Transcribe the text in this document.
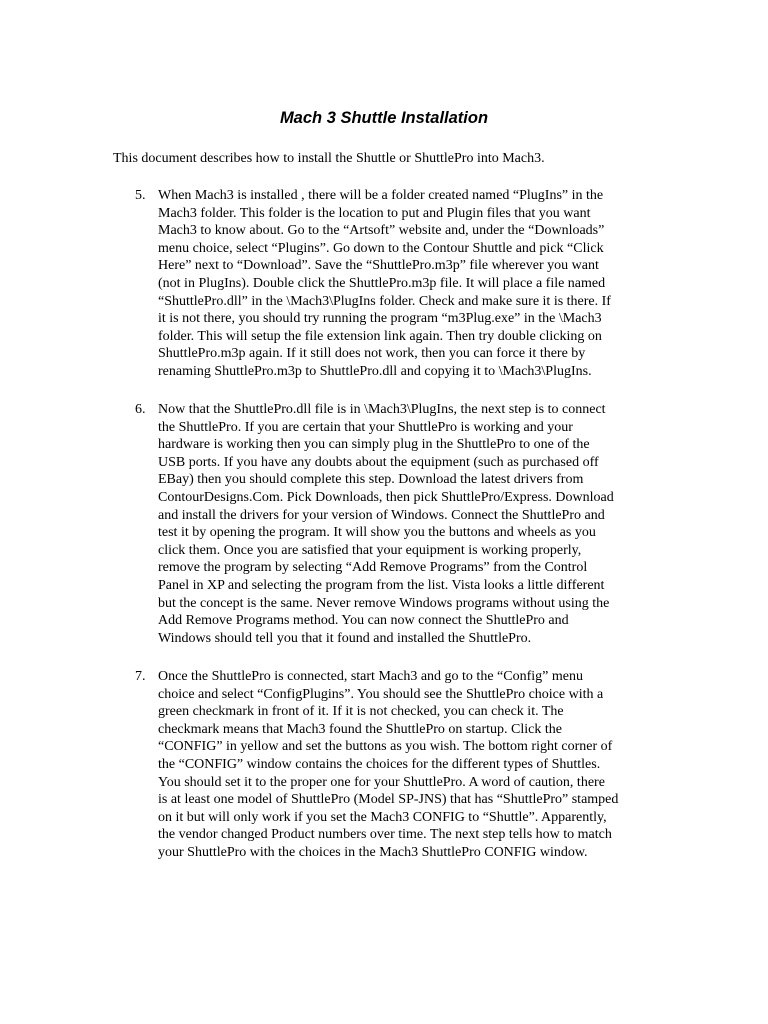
Mach 3 Shuttle Installation

This document describes how to install the Shuttle or ShuttlePro into Mach3.

5. When Mach3 is installed , there will be a folder created named “PlugIns” in the
Mach3 folder. This folder is the location to put and Plugin files that you want
Mach3 to know about. Go to the “Artsoft” website and, under the “Downloads”
menu choice, select “Plugins”. Go down to the Contour Shuttle and pick “Click
Here” next to “Download”. Save the “ShuttlePro.m3p” file wherever you want
(not in PlugIns). Double click the ShuttlePro.m3p file. It will place a file named
“ShuttlePro.dll” in the \Mach3\PlugIns folder. Check and make sure it is there. If
it is not there, you should try running the program “m3Plug.exe” in the \Mach3
folder. This will setup the file extension link again. Then try double clicking on
ShuttlePro.m3p again. If it still does not work, then you can force it there by
renaming ShuttlePro.m3p to ShuttlePro.dll and copying it to \Mach3\PlugIns.
6. Now that the ShuttlePro.dll file is in \Mach3\PlugIns, the next step is to connect
the ShuttlePro. If you are certain that your ShuttlePro is working and your
hardware is working then you can simply plug in the ShuttlePro to one of the
USB ports. If you have any doubts about the equipment (such as purchased off
EBay) then you should complete this step. Download the latest drivers from
ContourDesigns.Com. Pick Downloads, then pick ShuttlePro/Express. Download
and install the drivers for your version of Windows. Connect the ShuttlePro and
test it by opening the program. It will show you the buttons and wheels as you
click them. Once you are satisfied that your equipment is working properly,
remove the program by selecting “Add Remove Programs” from the Control
Panel in XP and selecting the program from the list. Vista looks a little different
but the concept is the same. Never remove Windows programs without using the
Add Remove Programs method. You can now connect the ShuttlePro and
Windows should tell you that it found and installed the ShuttlePro.
7. Once the ShuttlePro is connected, start Mach3 and go to the “Config” menu
choice and select “ConfigPlugins”. You should see the ShuttlePro choice with a
green checkmark in front of it. If it is not checked, you can check it. The
checkmark means that Mach3 found the ShuttlePro on startup. Click the
“CONFIG” in yellow and set the buttons as you wish. The bottom right corner of
the “CONFIG” window contains the choices for the different types of Shuttles.
You should set it to the proper one for your ShuttlePro. A word of caution, there
is at least one model of ShuttlePro (Model SP-JNS) that has “ShuttlePro” stamped
on it but will only work if you set the Mach3 CONFIG to “Shuttle”. Apparently,
the vendor changed Product numbers over time. The next step tells how to match
your ShuttlePro with the choices in the Mach3 ShuttlePro CONFIG window.
